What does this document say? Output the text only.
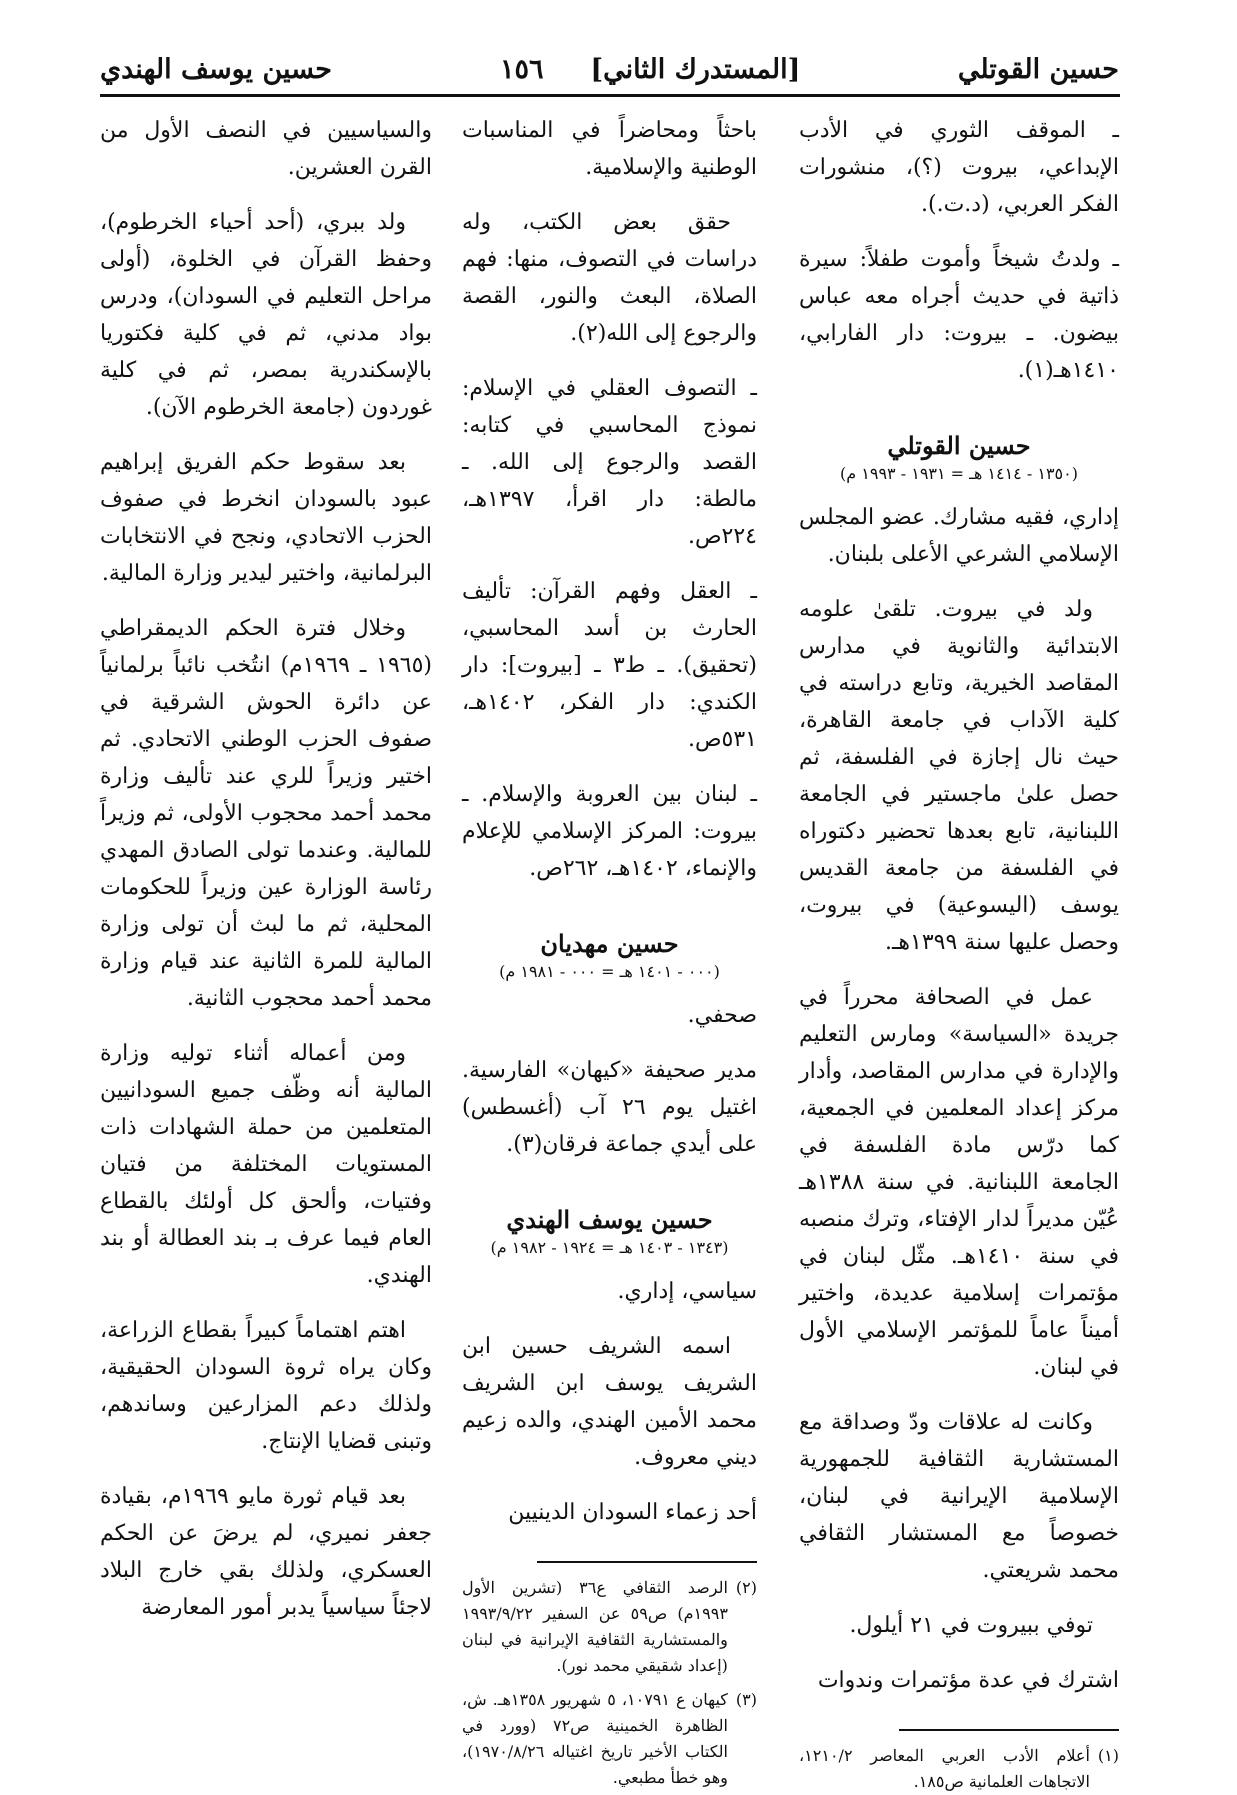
حسين القوتلي
[المستدرك الثاني]  ١٥٦
حسين يوسف الهندي

ـ الموقف الثوري في الأدب الإبداعي، بيروت (؟)، منشورات الفكر العربي، (د.ت.).

ـ ولدتُ شيخاً وأموت طفلاً: سيرة ذاتية في حديث أجراه معه عباس بيضون. ـ بيروت: دار الفارابي، ١٤١٠هـ(١).

حسين القوتلي
(١٣٥٠ - ١٤١٤ هـ = ١٩٣١ - ١٩٩٣ م)

إداري، فقيه مشارك. عضو المجلس الإسلامي الشرعي الأعلى بلبنان.

ولد في بيروت. تلقىٰ علومه الابتدائية والثانوية في مدارس المقاصد الخيرية، وتابع دراسته في كلية الآداب في جامعة القاهرة، حيث نال إجازة في الفلسفة، ثم حصل علىٰ ماجستير في الجامعة اللبنانية، تابع بعدها تحضير دكتوراه في الفلسفة من جامعة القديس يوسف (اليسوعية) في بيروت، وحصل عليها سنة ١٣٩٩هـ.

عمل في الصحافة محرراً في جريدة «السياسة» ومارس التعليم والإدارة في مدارس المقاصد، وأدار مركز إعداد المعلمين في الجمعية، كما درّس مادة الفلسفة في الجامعة اللبنانية. في سنة ١٣٨٨هـ عُيّن مديراً لدار الإفتاء، وترك منصبه في سنة ١٤١٠هـ. مثّل لبنان في مؤتمرات إسلامية عديدة، واختير أميناً عاماً للمؤتمر الإسلامي الأول في لبنان.

وكانت له علاقات ودّ وصداقة مع المستشارية الثقافية للجمهورية الإسلامية الإيرانية في لبنان، خصوصاً مع المستشار الثقافي محمد شريعتي.

توفي ببيروت في ٢١ أيلول.

اشترك في عدة مؤتمرات وندوات

(١)
أعلام الأدب العربي المعاصر ١٢١٠/٢، الاتجاهات العلمانية ص١٨٥.

باحثاً ومحاضراً في المناسبات الوطنية والإسلامية.

حقق بعض الكتب، وله دراسات في التصوف، منها: فهم الصلاة، البعث والنور، القصة والرجوع إلى الله(٢).

ـ التصوف العقلي في الإسلام: نموذج المحاسبي في كتابه: القصد والرجوع إلى الله. ـ مالطة: دار اقرأ، ١٣٩٧هـ، ٢٢٤ص.

ـ العقل وفهم القرآن: تأليف الحارث بن أسد المحاسبي، (تحقيق). ـ ط٣ ـ [بيروت]: دار الكندي: دار الفكر، ١٤٠٢هـ، ٥٣١ص.

ـ لبنان بين العروبة والإسلام. ـ بيروت: المركز الإسلامي للإعلام والإنماء، ١٤٠٢هـ، ٢٦٢ص.

حسين مهديان
(٠٠٠ - ١٤٠١ هـ = ٠٠٠ - ١٩٨١ م)

صحفي.

مدير صحيفة «كيهان» الفارسية. اغتيل يوم ٢٦ آب (أغسطس) على أيدي جماعة فرقان(٣).

حسين يوسف الهندي
(١٣٤٣ - ١٤٠٣ هـ = ١٩٢٤ - ١٩٨٢ م)

سياسي، إداري.

اسمه الشريف حسين ابن الشريف يوسف ابن الشريف محمد الأمين الهندي، والده زعيم ديني معروف.

أحد زعماء السودان الدينيين

(٢)
الرصد الثقافي ع٣٦ (تشرين الأول ١٩٩٣م) ص٥٩ عن السفير ١٩٩٣/٩/٢٢ والمستشارية الثقافية الإيرانية في لبنان (إعداد شقيقي محمد نور).
(٣)
كيهان ع ١٠٧٩١، ٥ شهريور ١٣٥٨هـ. ش، الظاهرة الخمينية ص٧٢ (وورد في الكتاب الأخير تاريخ اغتياله ١٩٧٠/٨/٢٦)، وهو خطأ مطبعي.

والسياسيين في النصف الأول من القرن العشرين.

ولد ببري، (أحد أحياء الخرطوم)، وحفظ القرآن في الخلوة، (أولى مراحل التعليم في السودان)، ودرس بواد مدني، ثم في كلية فكتوريا بالإسكندرية بمصر، ثم في كلية غوردون (جامعة الخرطوم الآن).

بعد سقوط حكم الفريق إبراهيم عبود بالسودان انخرط في صفوف الحزب الاتحادي، ونجح في الانتخابات البرلمانية، واختير ليدير وزارة المالية.

وخلال فترة الحكم الديمقراطي (١٩٦٥ ـ ١٩٦٩م) انتُخب نائباً برلمانياً عن دائرة الحوش الشرقية في صفوف الحزب الوطني الاتحادي. ثم اختير وزيراً للري عند تأليف وزارة محمد أحمد محجوب الأولى، ثم وزيراً للمالية. وعندما تولى الصادق المهدي رئاسة الوزارة عين وزيراً للحكومات المحلية، ثم ما لبث أن تولى وزارة المالية للمرة الثانية عند قيام وزارة محمد أحمد محجوب الثانية.

ومن أعماله أثناء توليه وزارة المالية أنه وظّف جميع السودانيين المتعلمين من حملة الشهادات ذات المستويات المختلفة من فتيان وفتيات، وألحق كل أولئك بالقطاع العام فيما عرف بـ بند العطالة أو بند الهندي.

اهتم اهتماماً كبيراً بقطاع الزراعة، وكان يراه ثروة السودان الحقيقية، ولذلك دعم المزارعين وساندهم، وتبنى قضايا الإنتاج.

بعد قيام ثورة مايو ١٩٦٩م، بقيادة جعفر نميري، لم يرضَ عن الحكم العسكري، ولذلك بقي خارج البلاد لاجئاً سياسياً يدبر أمور المعارضة
